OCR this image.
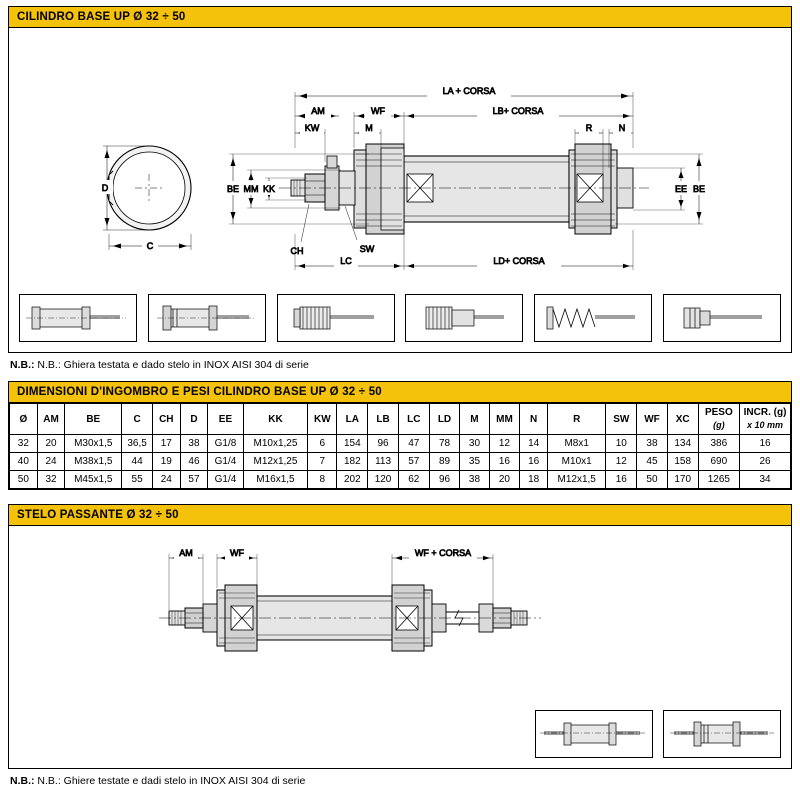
CILINDRO BASE UP Ø 32 ÷ 50
D
C
LA + CORSA
AM	WF	LB+ CORSA
KW	M	R	N
BE MM KK	EE BE
CH	SW
LC	LD+ CORSA
N.B.: N.B.: Ghiera testata e dado stelo in INOX AISI 304 di serie
DIMENSIONI D'INGOMBRO E PESI CILINDRO BASE UP Ø 32 ÷ 50
Ø	AM	BE	C	CH	D	EE	KK	KW	LA	LB	LC	LD	M	MM	N	R	SW	WF	XC	PESO
(g)	INCR. (g)
x 10 mm

32	20	M30x1,5	36,5	17	38	G1/8	M10x1,25	6	154	96	47	78	30	12	14	M8x1	10	38	134	386	16
40	24	M38x1,5	44	19	46	G1/4	M12x1,25	7	182	113	57	89	35	16	16	M10x1	12	45	158	690	26
50	32	M45x1,5	55	24	57	G1/4	M16x1,5	8	202	120	62	96	38	20	18	M12x1,5	16	50	170	1265	34
STELO PASSANTE Ø 32 ÷ 50
AM	WF	WF + CORSA
N.B.: N.B.: Ghiere testate e dadi stelo in INOX AISI 304 di serie
